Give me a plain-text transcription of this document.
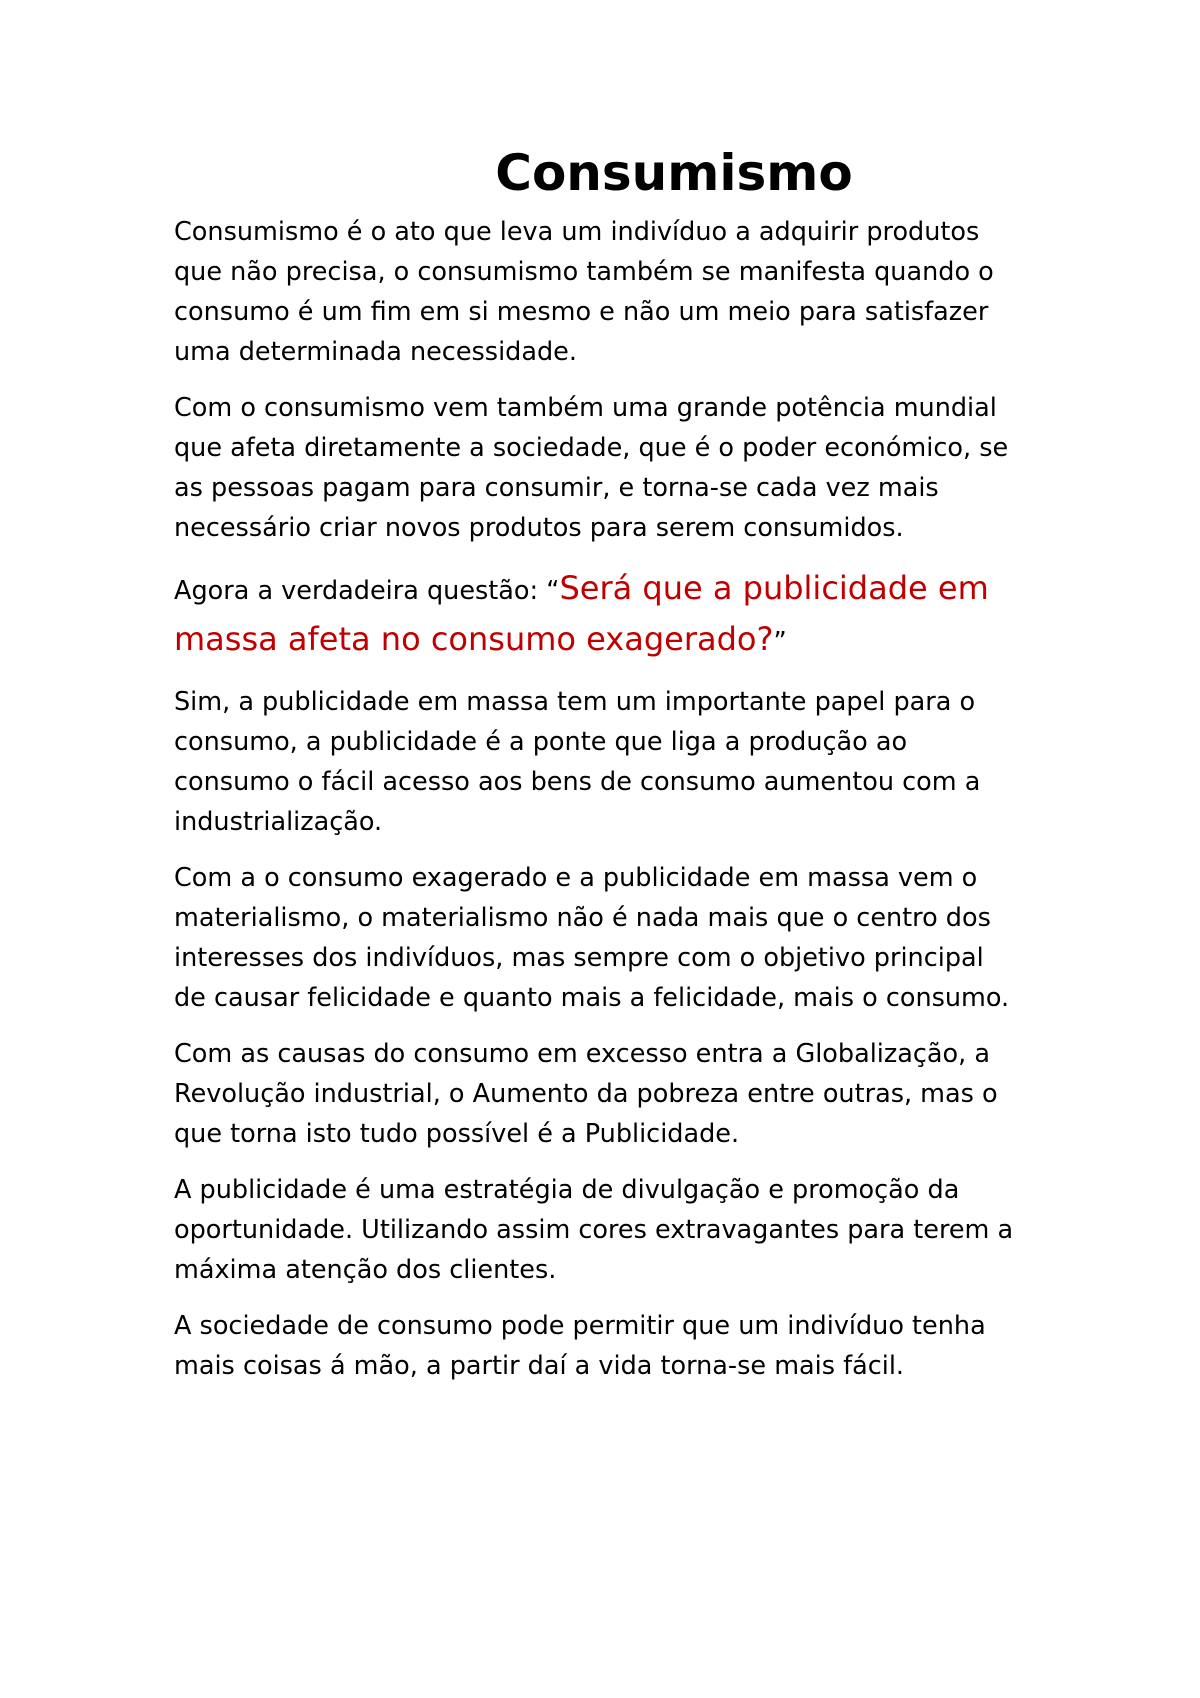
Consumismo

Consumismo é o ato que leva um indivíduo a adquirir produtos
que não precisa, o consumismo também se manifesta quando o
consumo é um fim em si mesmo e não um meio para satisfazer
uma determinada necessidade.

Com o consumismo vem também uma grande potência mundial
que afeta diretamente a sociedade, que é o poder económico, se
as pessoas pagam para consumir, e torna-se cada vez mais
necessário criar novos produtos para serem consumidos.

Agora a verdadeira questão: “Será que a publicidade em
massa afeta no consumo exagerado?”

Sim, a publicidade em massa tem um importante papel para o
consumo, a publicidade é a ponte que liga a produção ao
consumo o fácil acesso aos bens de consumo aumentou com a
industrialização.

Com a o consumo exagerado e a publicidade em massa vem o
materialismo, o materialismo não é nada mais que o centro dos
interesses dos indivíduos, mas sempre com o objetivo principal
de causar felicidade e quanto mais a felicidade, mais o consumo.

Com as causas do consumo em excesso entra a Globalização, a
Revolução industrial, o Aumento da pobreza entre outras, mas o
que torna isto tudo possível é a Publicidade.

A publicidade é uma estratégia de divulgação e promoção da
oportunidade. Utilizando assim cores extravagantes para terem a
máxima atenção dos clientes.

A sociedade de consumo pode permitir que um indivíduo tenha
mais coisas á mão, a partir daí a vida torna-se mais fácil.
